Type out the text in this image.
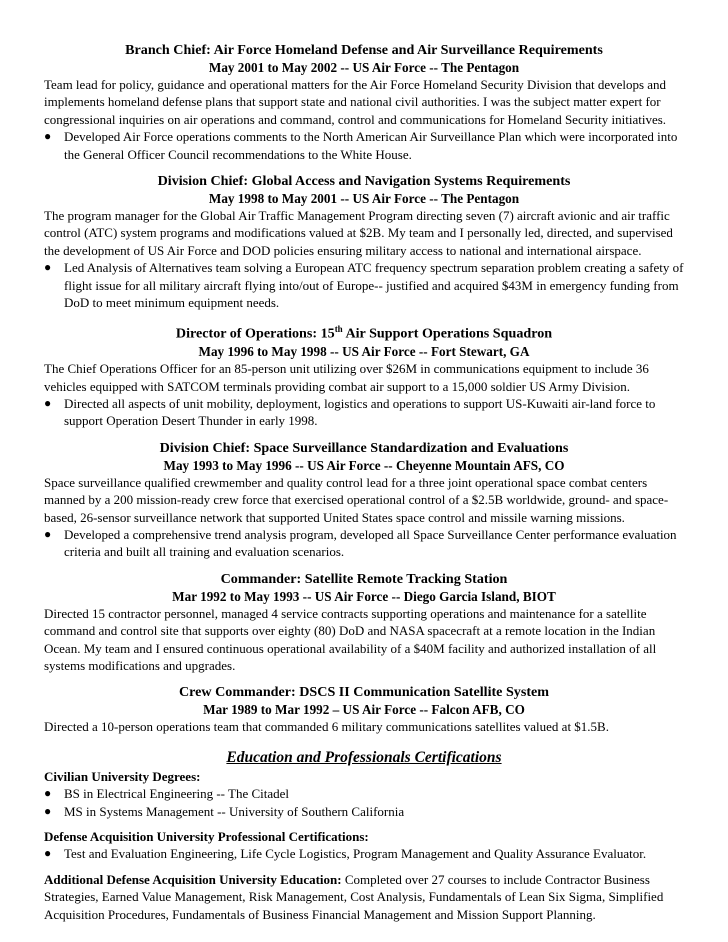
Branch Chief: Air Force Homeland Defense and Air Surveillance Requirements
May 2001 to May 2002 -- US Air Force -- The Pentagon

Team lead for policy, guidance and operational matters for the Air Force Homeland Security Division that develops and implements homeland defense plans that support state and national civil authorities. I was the subject matter expert for congressional inquiries on air operations and command, control and communications for Homeland Security initiatives.

● Developed Air Force operations comments to the North American Air Surveillance Plan which were incorporated into the General Officer Council recommendations to the White House.
Division Chief: Global Access and Navigation Systems Requirements
May 1998 to May 2001 -- US Air Force -- The Pentagon

The program manager for the Global Air Traffic Management Program directing seven (7) aircraft avionic and air traffic control (ATC) system programs and modifications valued at $2B. My team and I personally led, directed, and supervised the development of US Air Force and DOD policies ensuring military access to national and international airspace.

● Led Analysis of Alternatives team solving a European ATC frequency spectrum separation problem creating a safety of flight issue for all military aircraft flying into/out of Europe-- justified and acquired $43M in emergency funding from DoD to meet minimum equipment needs.
Director of Operations: 15th Air Support Operations Squadron
May 1996 to May 1998 -- US Air Force -- Fort Stewart, GA

The Chief Operations Officer for an 85-person unit utilizing over $26M in communications equipment to include 36 vehicles equipped with SATCOM terminals providing combat air support to a 15,000 soldier US Army Division.

● Directed all aspects of unit mobility, deployment, logistics and operations to support US-Kuwaiti air-land force to support Operation Desert Thunder in early 1998.
Division Chief: Space Surveillance Standardization and Evaluations
May 1993 to May 1996 -- US Air Force -- Cheyenne Mountain AFS, CO

Space surveillance qualified crewmember and quality control lead for a three joint operational space combat centers manned by a 200 mission-ready crew force that exercised operational control of a $2.5B worldwide, ground- and space-based, 26-sensor surveillance network that supported United States space control and missile warning missions.

● Developed a comprehensive trend analysis program, developed all Space Surveillance Center performance evaluation criteria and built all training and evaluation scenarios.
Commander: Satellite Remote Tracking Station
Mar 1992 to May 1993 -- US Air Force -- Diego Garcia Island, BIOT

Directed 15 contractor personnel, managed 4 service contracts supporting operations and maintenance for a satellite command and control site that supports over eighty (80) DoD and NASA spacecraft at a remote location in the Indian Ocean. My team and I ensured continuous operational availability of a $40M facility and authorized installation of all systems modifications and upgrades.

Crew Commander: DSCS II Communication Satellite System
Mar 1989 to Mar 1992 – US Air Force -- Falcon AFB, CO

Directed a 10-person operations team that commanded 6 military communications satellites valued at $1.5B.

Education and Professionals Certifications
Civilian University Degrees:
● BS in Electrical Engineering -- The Citadel
● MS in Systems Management -- University of Southern California
Defense Acquisition University Professional Certifications:
● Test and Evaluation Engineering, Life Cycle Logistics, Program Management and Quality Assurance Evaluator.

Additional Defense Acquisition University Education: Completed over 27 courses to include Contractor Business Strategies, Earned Value Management, Risk Management, Cost Analysis, Fundamentals of Lean Six Sigma, Simplified Acquisition Procedures, Fundamentals of Business Financial Management and Mission Support Planning.
